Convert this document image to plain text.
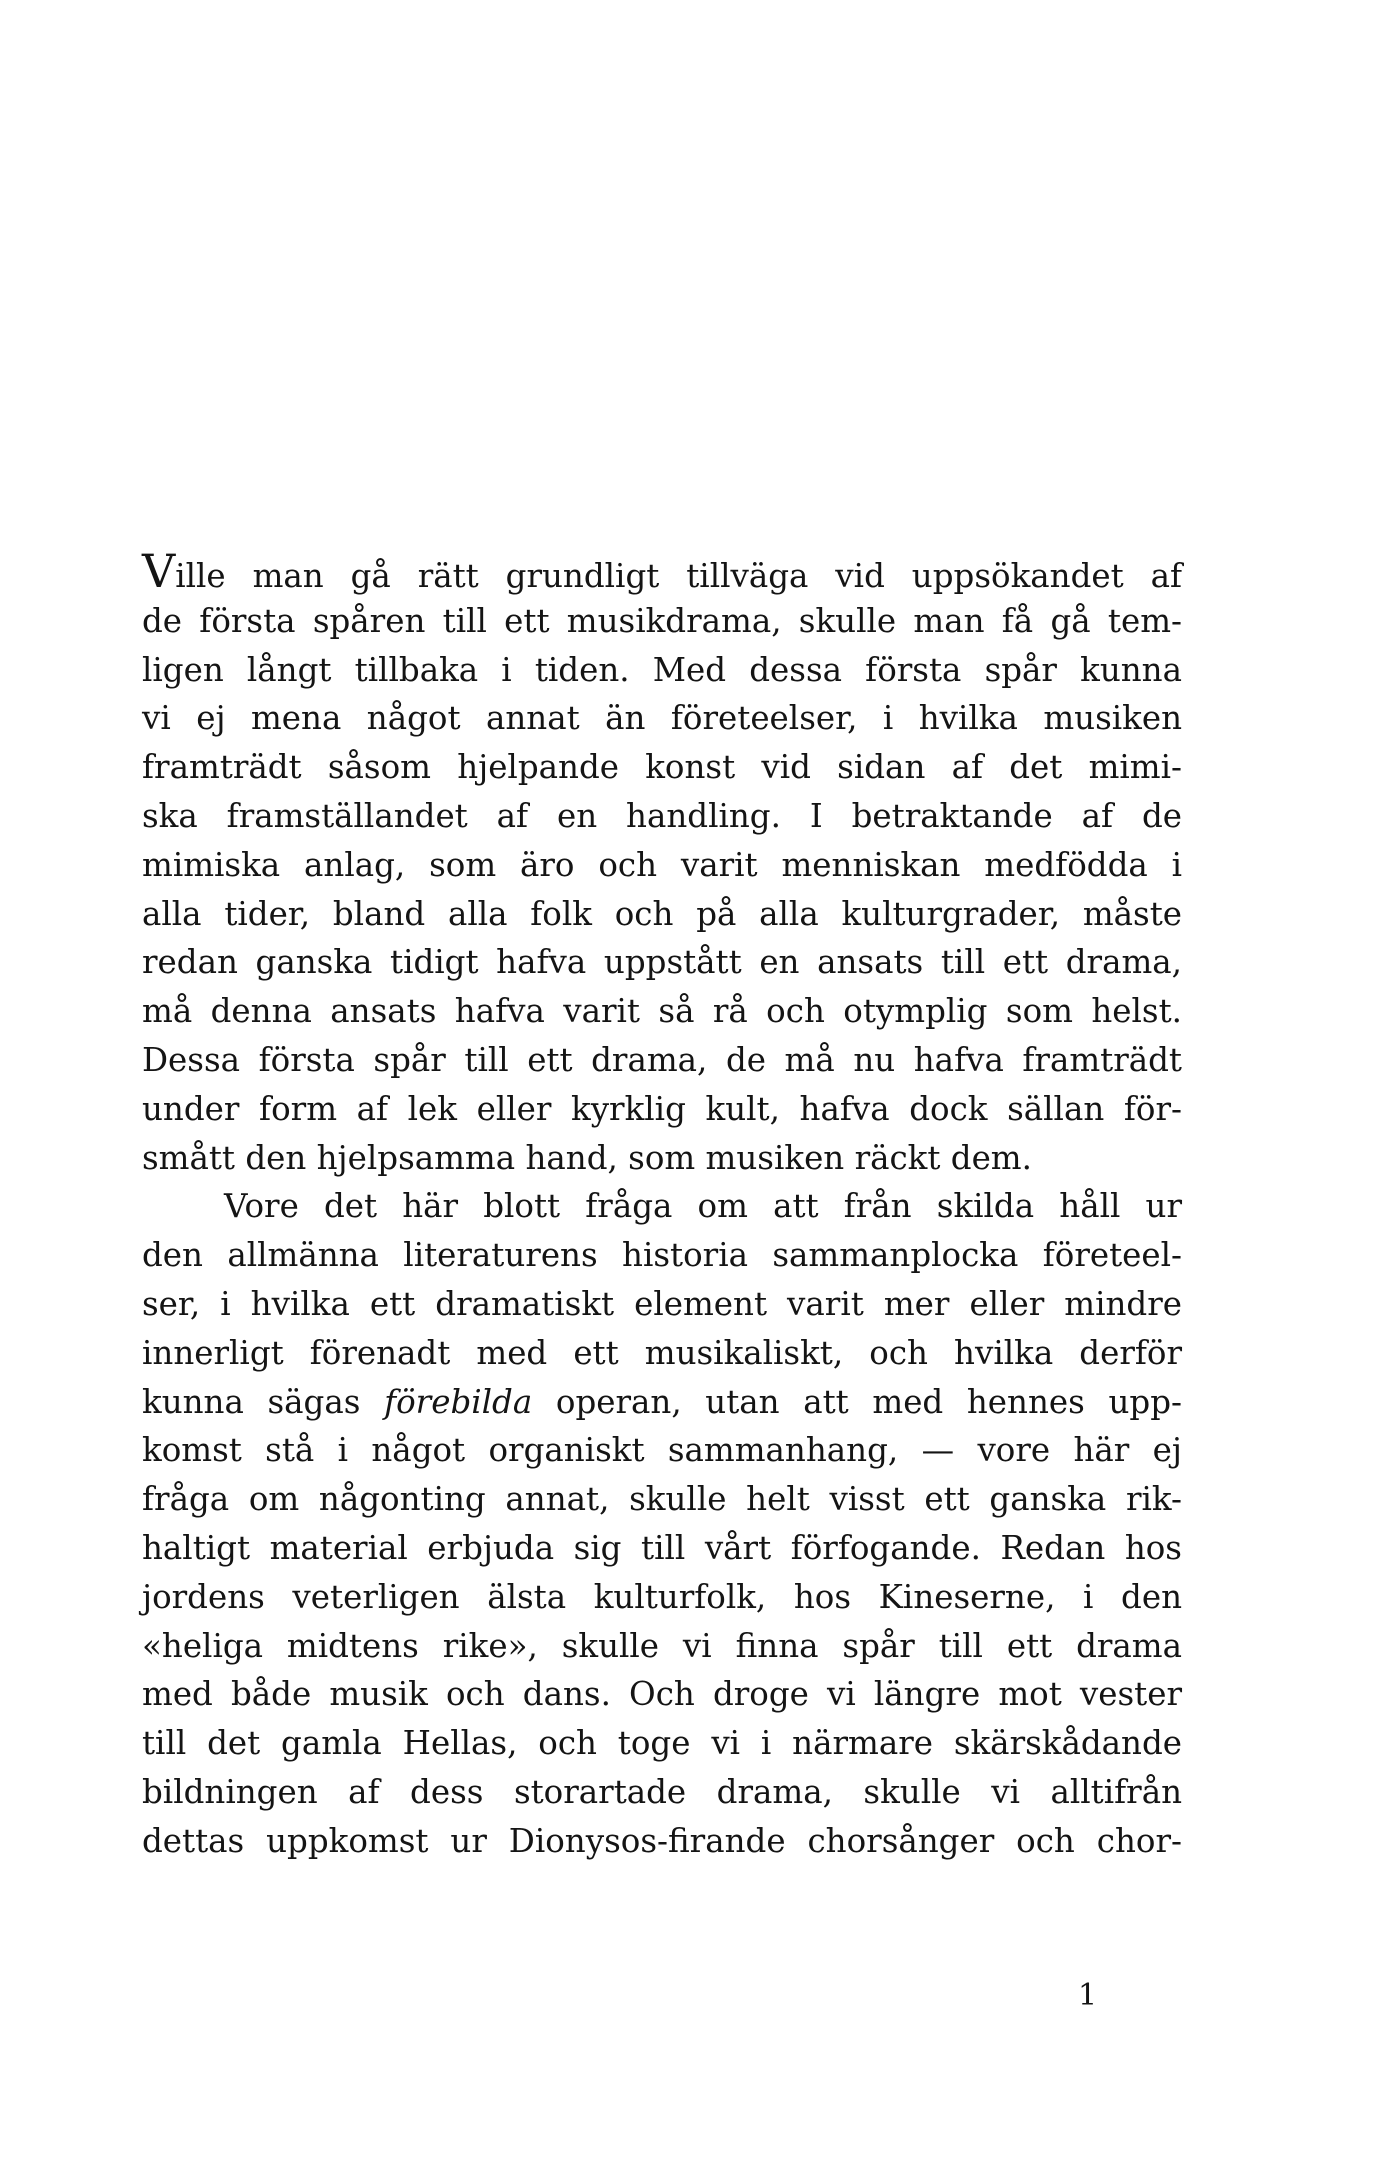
Ville man gå rätt grundligt tillväga vid uppsökandet af
de första spåren till ett musikdrama, skulle man få gå tem-
ligen långt tillbaka i tiden. Med dessa första spår kunna
vi ej mena något annat än företeelser, i hvilka musiken
framträdt såsom hjelpande konst vid sidan af det mimi-
ska framställandet af en handling. I betraktande af de
mimiska anlag, som äro och varit menniskan medfödda i
alla tider, bland alla folk och på alla kulturgrader, måste
redan ganska tidigt hafva uppstått en ansats till ett drama,
må denna ansats hafva varit så rå och otymplig som helst.
Dessa första spår till ett drama, de må nu hafva framträdt
under form af lek eller kyrklig kult, hafva dock sällan för-
smått den hjelpsamma hand, som musiken räckt dem.

Vore det här blott fråga om att från skilda håll ur
den allmänna literaturens historia sammanplocka företeel-
ser, i hvilka ett dramatiskt element varit mer eller mindre
innerligt förenadt med ett musikaliskt, och hvilka derför
kunna sägas förebilda operan, utan att med hennes upp-
komst stå i något organiskt sammanhang, — vore här ej
fråga om någonting annat, skulle helt visst ett ganska rik-
haltigt material erbjuda sig till vårt förfogande. Redan hos
jordens veterligen älsta kulturfolk, hos Kineserne, i den
«heliga midtens rike», skulle vi finna spår till ett drama
med både musik och dans. Och droge vi längre mot vester
till det gamla Hellas, och toge vi i närmare skärskådande
bildningen af dess storartade drama, skulle vi alltifrån
dettas uppkomst ur Dionysos-firande chorsånger och chor-

1
